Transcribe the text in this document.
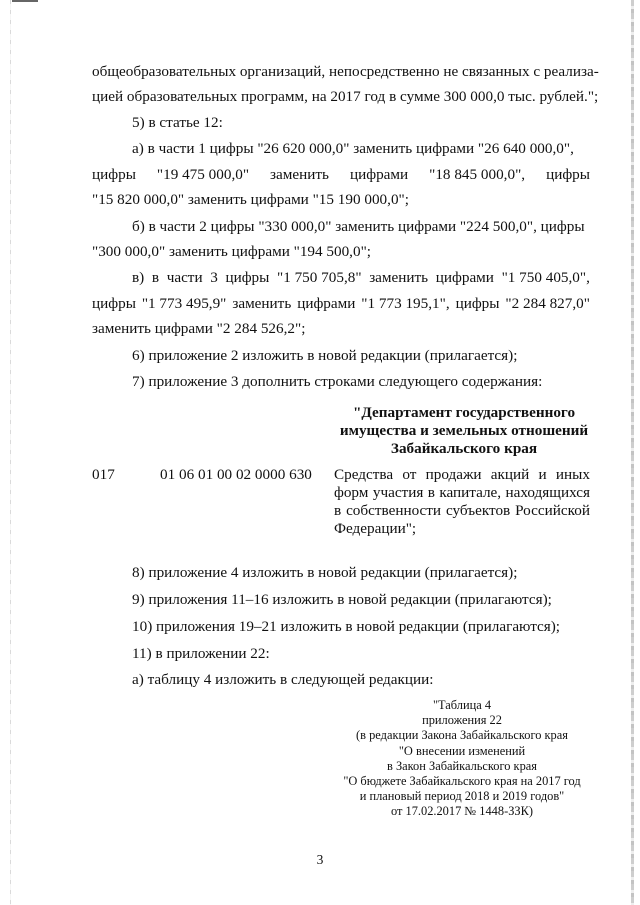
общеобразовательных организаций, непосредственно не связанных с реализа-
цией образовательных программ, на 2017 год в сумме 300 000,0 тыс. рублей.";
5) в статье 12:
а) в части 1 цифры "26 620 000,0" заменить цифрами "26 640 000,0",
цифры "19 475 000,0" заменить цифрами "18 845 000,0", цифры
"15 820 000,0" заменить цифрами "15 190 000,0";
б) в части 2 цифры "330 000,0" заменить цифрами "224 500,0", цифры
"300 000,0" заменить цифрами "194 500,0";
в) в части 3 цифры "1 750 705,8" заменить цифрами "1 750 405,0",
цифры "1 773 495,9" заменить цифрами "1 773 195,1", цифры "2 284 827,0"
заменить цифрами "2 284 526,2";
6) приложение 2 изложить в новой редакции (прилагается);
7) приложение 3 дополнить строками следующего содержания:
"Департамент государственного
имущества и земельных отношений
Забайкальского края
017	01 06 01 00 02 0000 630 Средства от продажи акций и иных
форм участия в капитале, находящихся
в собственности субъектов Российской
Федерации";
8) приложение 4 изложить в новой редакции (прилагается);
9) приложения 11–16 изложить в новой редакции (прилагаются);
10) приложения 19–21 изложить в новой редакции (прилагаются);
11) в приложении 22:
а) таблицу 4 изложить в следующей редакции:
"Таблица 4
приложения 22
(в редакции Закона Забайкальского края
"О внесении изменений
в Закон Забайкальского края
"О бюджете Забайкальского края на 2017 год
и плановый период 2018 и 2019 годов"
от 17.02.2017 № 1448-ЗЗК)
3
